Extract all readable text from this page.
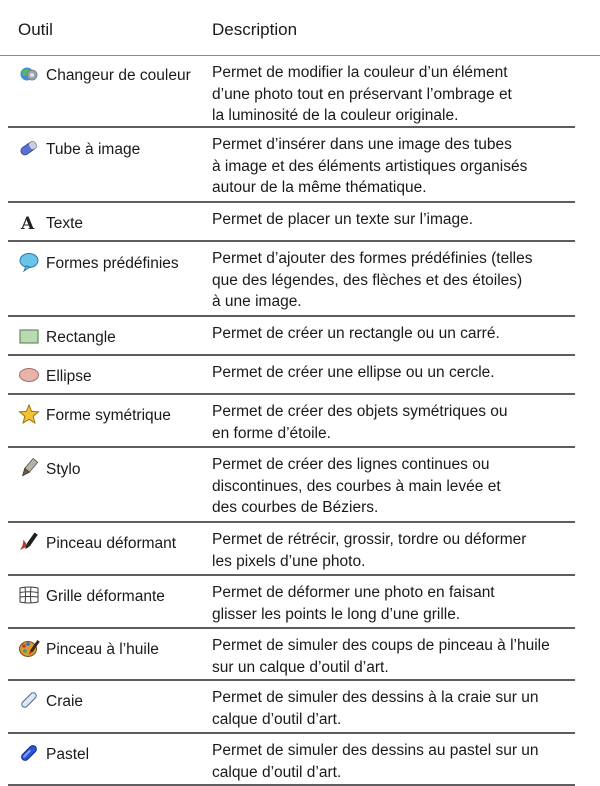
Outil	Description
Changeur de couleur	Permet de modifier la couleur d’un élément
d’une photo tout en préservant l’ombrage et
la luminosité de la couleur originale.
Tube à image	Permet d’insérer dans une image des tubes
à image et des éléments artistiques organisés
autour de la même thématique.
A Texte	Permet de placer un texte sur l’image.
Formes prédéfinies	Permet d’ajouter des formes prédéfinies (telles
que des légendes, des flèches et des étoiles)
à une image.
Rectangle	Permet de créer un rectangle ou un carré.
Ellipse	Permet de créer une ellipse ou un cercle.
Forme symétrique	Permet de créer des objets symétriques ou
en forme d’étoile.
Stylo	Permet de créer des lignes continues ou
discontinues, des courbes à main levée et
des courbes de Béziers.
Pinceau déformant	Permet de rétrécir, grossir, tordre ou déformer
les pixels d’une photo.
Grille déformante	Permet de déformer une photo en faisant
glisser les points le long d’une grille.
Pinceau à l’huile	Permet de simuler des coups de pinceau à l’huile
sur un calque d’outil d’art.
Craie	Permet de simuler des dessins à la craie sur un
calque d’outil d’art.
Pastel	Permet de simuler des dessins au pastel sur un
calque d’outil d’art.
